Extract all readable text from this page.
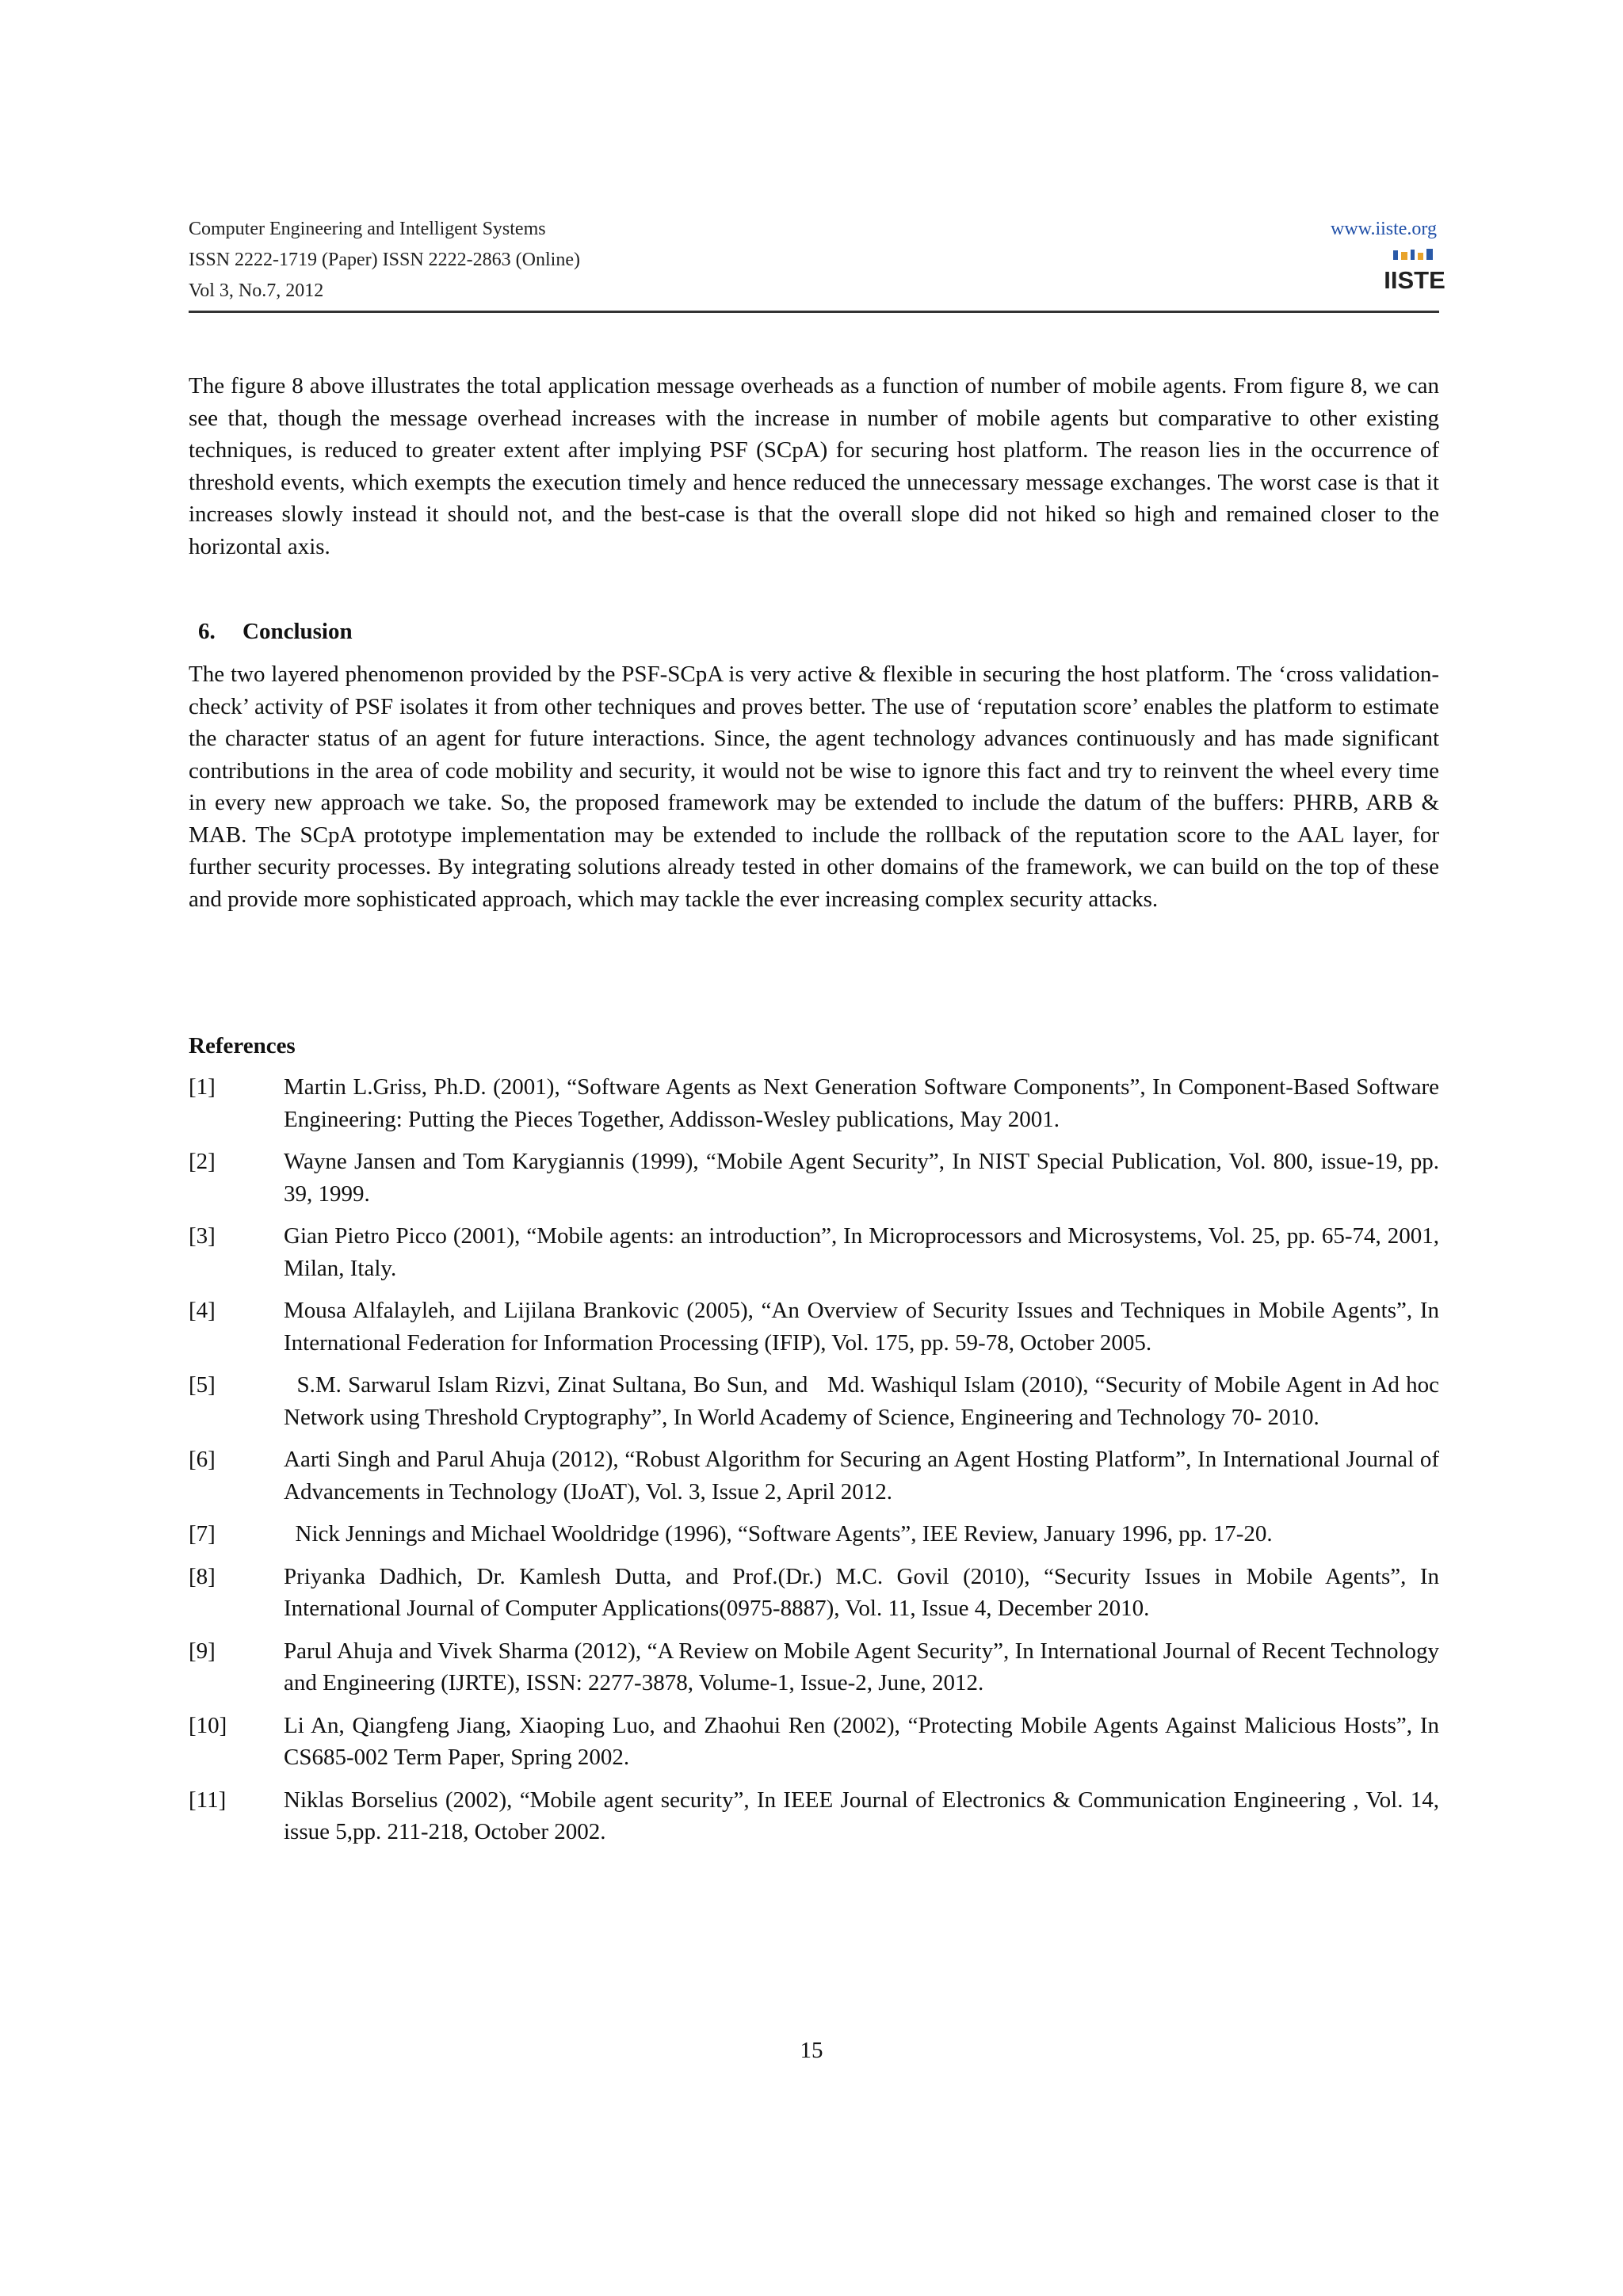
Computer Engineering and Intelligent Systems
ISSN 2222-1719 (Paper) ISSN 2222-2863 (Online)
Vol 3, No.7, 2012
www.iiste.org
IISTE

The figure 8 above illustrates the total application message overheads as a function of number of mobile agents. From figure 8, we can see that, though the message overhead increases with the increase in number of mobile agents but comparative to other existing techniques, is reduced to greater extent after implying PSF (SCpA) for securing host platform. The reason lies in the occurrence of threshold events, which exempts the execution timely and hence reduced the unnecessary message exchanges. The worst case is that it increases slowly instead it should not, and the best-case is that the overall slope did not hiked so high and remained closer to the horizontal axis.

6. Conclusion

The two layered phenomenon provided by the PSF-SCpA is very active & flexible in securing the host platform. The ‘cross validation-check’ activity of PSF isolates it from other techniques and proves better. The use of ‘reputation score’ enables the platform to estimate the character status of an agent for future interactions. Since, the agent technology advances continuously and has made significant contributions in the area of code mobility and security, it would not be wise to ignore this fact and try to reinvent the wheel every time in every new approach we take. So, the proposed framework may be extended to include the datum of the buffers: PHRB, ARB & MAB. The SCpA prototype implementation may be extended to include the rollback of the reputation score to the AAL layer, for further security processes. By integrating solutions already tested in other domains of the framework, we can build on the top of these and provide more sophisticated approach, which may tackle the ever increasing complex security attacks.

References
[1]	Martin L.Griss, Ph.D. (2001), “Software Agents as Next Generation Software Components”, In Component-Based Software Engineering: Putting the Pieces Together, Addisson-Wesley publications, May 2001.
[2]	Wayne Jansen and Tom Karygiannis (1999), “Mobile Agent Security”, In NIST Special Publication, Vol. 800, issue-19, pp. 39, 1999.
[3]	Gian Pietro Picco (2001), “Mobile agents: an introduction”, In Microprocessors and Microsystems, Vol. 25, pp. 65-74, 2001, Milan, Italy.
[4]	Mousa Alfalayleh, and Lijilana Brankovic (2005), “An Overview of Security Issues and Techniques in Mobile Agents”, In International Federation for Information Processing (IFIP), Vol. 175, pp. 59-78, October 2005.
[5]	S.M. Sarwarul Islam Rizvi, Zinat Sultana, Bo Sun, and   Md. Washiqul Islam (2010), “Security of Mobile Agent in Ad hoc Network using Threshold Cryptography”, In World Academy of Science, Engineering and Technology 70- 2010.
[6]	Aarti Singh and Parul Ahuja (2012), “Robust Algorithm for Securing an Agent Hosting Platform”, In International Journal of Advancements in Technology (IJoAT), Vol. 3, Issue 2, April 2012.
[7]	Nick Jennings and Michael Wooldridge (1996), “Software Agents”, IEE Review, January 1996, pp. 17-20.
[8]	Priyanka Dadhich, Dr. Kamlesh Dutta, and Prof.(Dr.) M.C. Govil (2010), “Security Issues in Mobile Agents”, In International Journal of Computer Applications(0975-8887), Vol. 11, Issue 4, December 2010.
[9]	Parul Ahuja and Vivek Sharma (2012), “A Review on Mobile Agent Security”, In International Journal of Recent Technology and Engineering (IJRTE), ISSN: 2277-3878, Volume-1, Issue-2, June, 2012.
[10] Li An, Qiangfeng Jiang, Xiaoping Luo, and Zhaohui Ren (2002), “Protecting Mobile Agents Against Malicious Hosts”, In CS685-002 Term Paper, Spring 2002.
[11]	Niklas Borselius (2002), “Mobile agent security”, In IEEE Journal of Electronics & Communication Engineering , Vol. 14, issue 5,pp. 211-218, October 2002.
15
